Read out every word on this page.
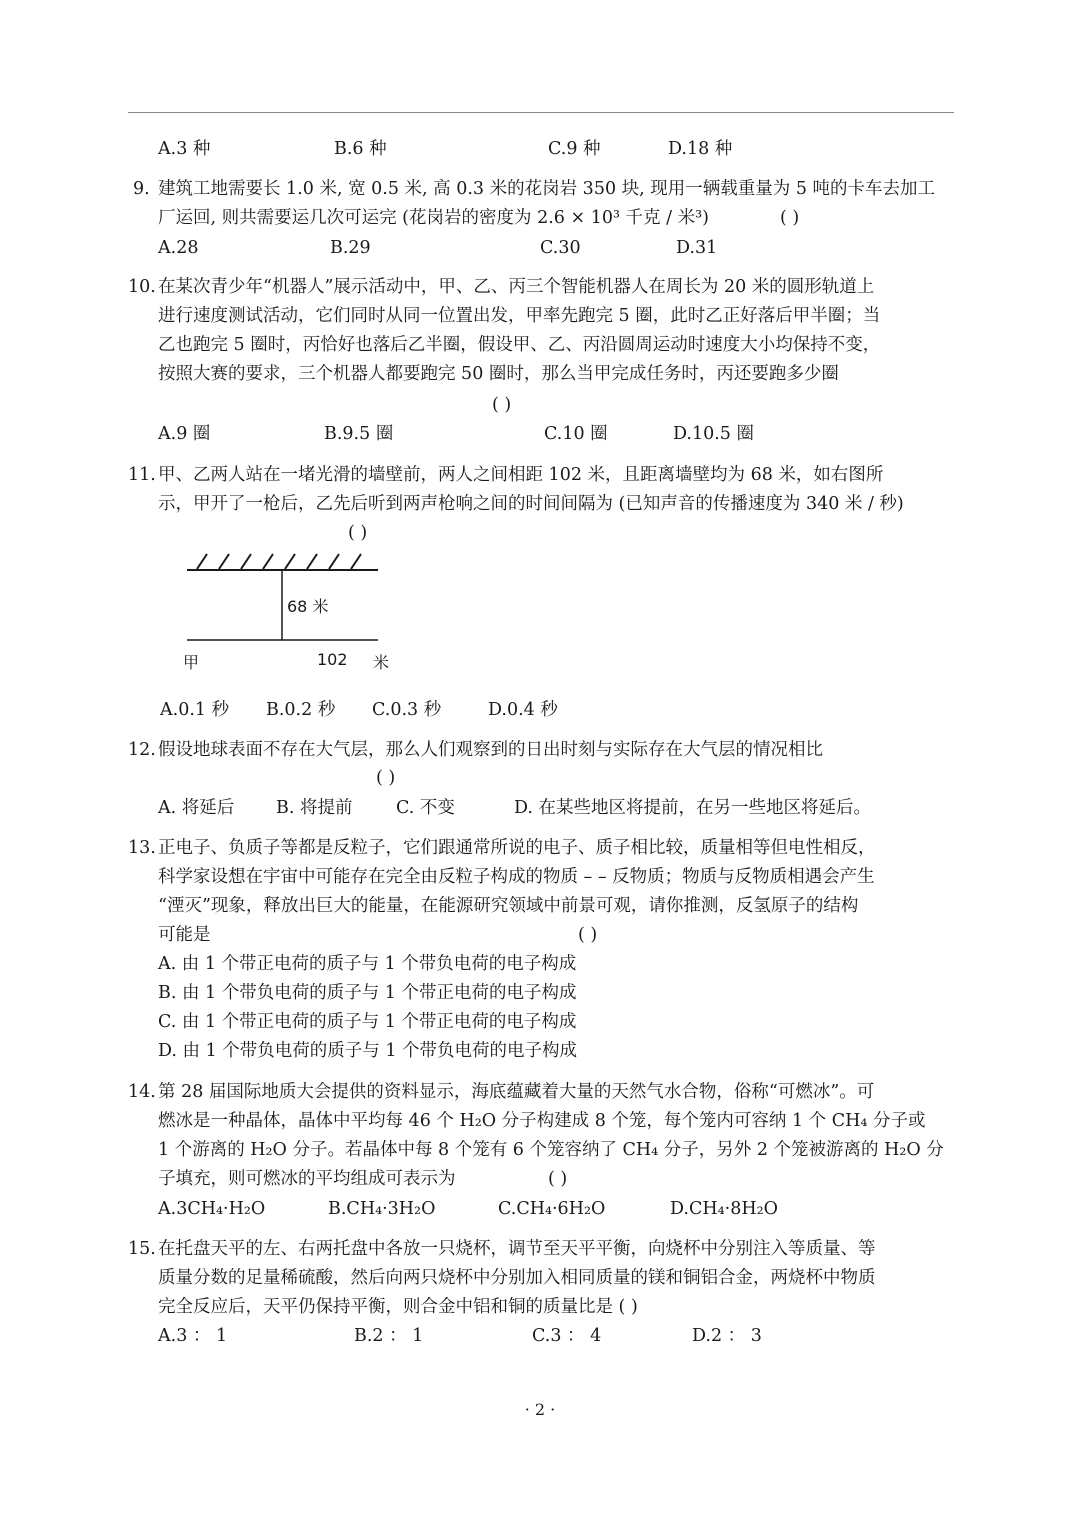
A.3 种	B.6 种	C.9 种	D.18 种
9. 建筑工地需要长 1.0 米, 宽 0.5 米, 高 0.3 米的花岗岩 350 块, 现用一辆载重量为 5 吨的卡车去加工
厂运回, 则共需要运几次可运完 (花岗岩的密度为 2.6 × 10³ 千克 / 米³)	( )
A.28	B.29	C.30	D.31
10. 在某次青少年“机器人”展示活动中，甲、乙、丙三个智能机器人在周长为 20 米的圆形轨道上
进行速度测试活动，它们同时从同一位置出发，甲率先跑完 5 圈，此时乙正好落后甲半圈；当
乙也跑完 5 圈时，丙恰好也落后乙半圈，假设甲、乙、丙沿圆周运动时速度大小均保持不变，
按照大赛的要求，三个机器人都要跑完 50 圈时，那么当甲完成任务时，丙还要跑多少圈
( )
A.9 圈	B.9.5 圈	C.10 圈	D.10.5 圈
11. 甲、乙两人站在一堵光滑的墙壁前，两人之间相距 102 米，且距离墙壁均为 68 米，如右图所
示，甲开了一枪后，乙先后听到两声枪响之间的时间间隔为 (已知声音的传播速度为 340 米 / 秒)
( )
68 米
甲	102 米
A.0.1 秒 B.0.2 秒 C.0.3 秒	D.0.4 秒
12. 假设地球表面不存在大气层，那么人们观察到的日出时刻与实际存在大气层的情况相比
( )
A. 将延后 B. 将提前 C. 不变	D. 在某些地区将提前，在另一些地区将延后。
13. 正电子、负质子等都是反粒子，它们跟通常所说的电子、质子相比较，质量相等但电性相反，
科学家设想在宇宙中可能存在完全由反粒子构成的物质 – – 反物质；物质与反物质相遇会产生
“湮灭”现象，释放出巨大的能量，在能源研究领域中前景可观，请你推测，反氢原子的结构
可能是	( )
A. 由 1 个带正电荷的质子与 1 个带负电荷的电子构成
B. 由 1 个带负电荷的质子与 1 个带正电荷的电子构成
C. 由 1 个带正电荷的质子与 1 个带正电荷的电子构成
D. 由 1 个带负电荷的质子与 1 个带负电荷的电子构成
14. 第 28 届国际地质大会提供的资料显示，海底蕴藏着大量的天然气水合物，俗称“可燃冰”。可
燃冰是一种晶体，晶体中平均每 46 个 H₂O 分子构建成 8 个笼，每个笼内可容纳 1 个 CH₄ 分子或
1 个游离的 H₂O 分子。若晶体中每 8 个笼有 6 个笼容纳了 CH₄ 分子，另外 2 个笼被游离的 H₂O 分
子填充，则可燃冰的平均组成可表示为	( )
A.3CH₄·H₂O	B.CH₄·3H₂O	C.CH₄·6H₂O	D.CH₄·8H₂O
15. 在托盘天平的左、右两托盘中各放一只烧杯，调节至天平平衡，向烧杯中分别注入等质量、等
质量分数的足量稀硫酸，然后向两只烧杯中分别加入相同质量的镁和铜铝合金，两烧杯中物质
完全反应后，天平仍保持平衡，则合金中铝和铜的质量比是 ( )
A.3 ： 1	B.2 ： 1	C.3 ： 4	D.2 ： 3
· 2 ·
